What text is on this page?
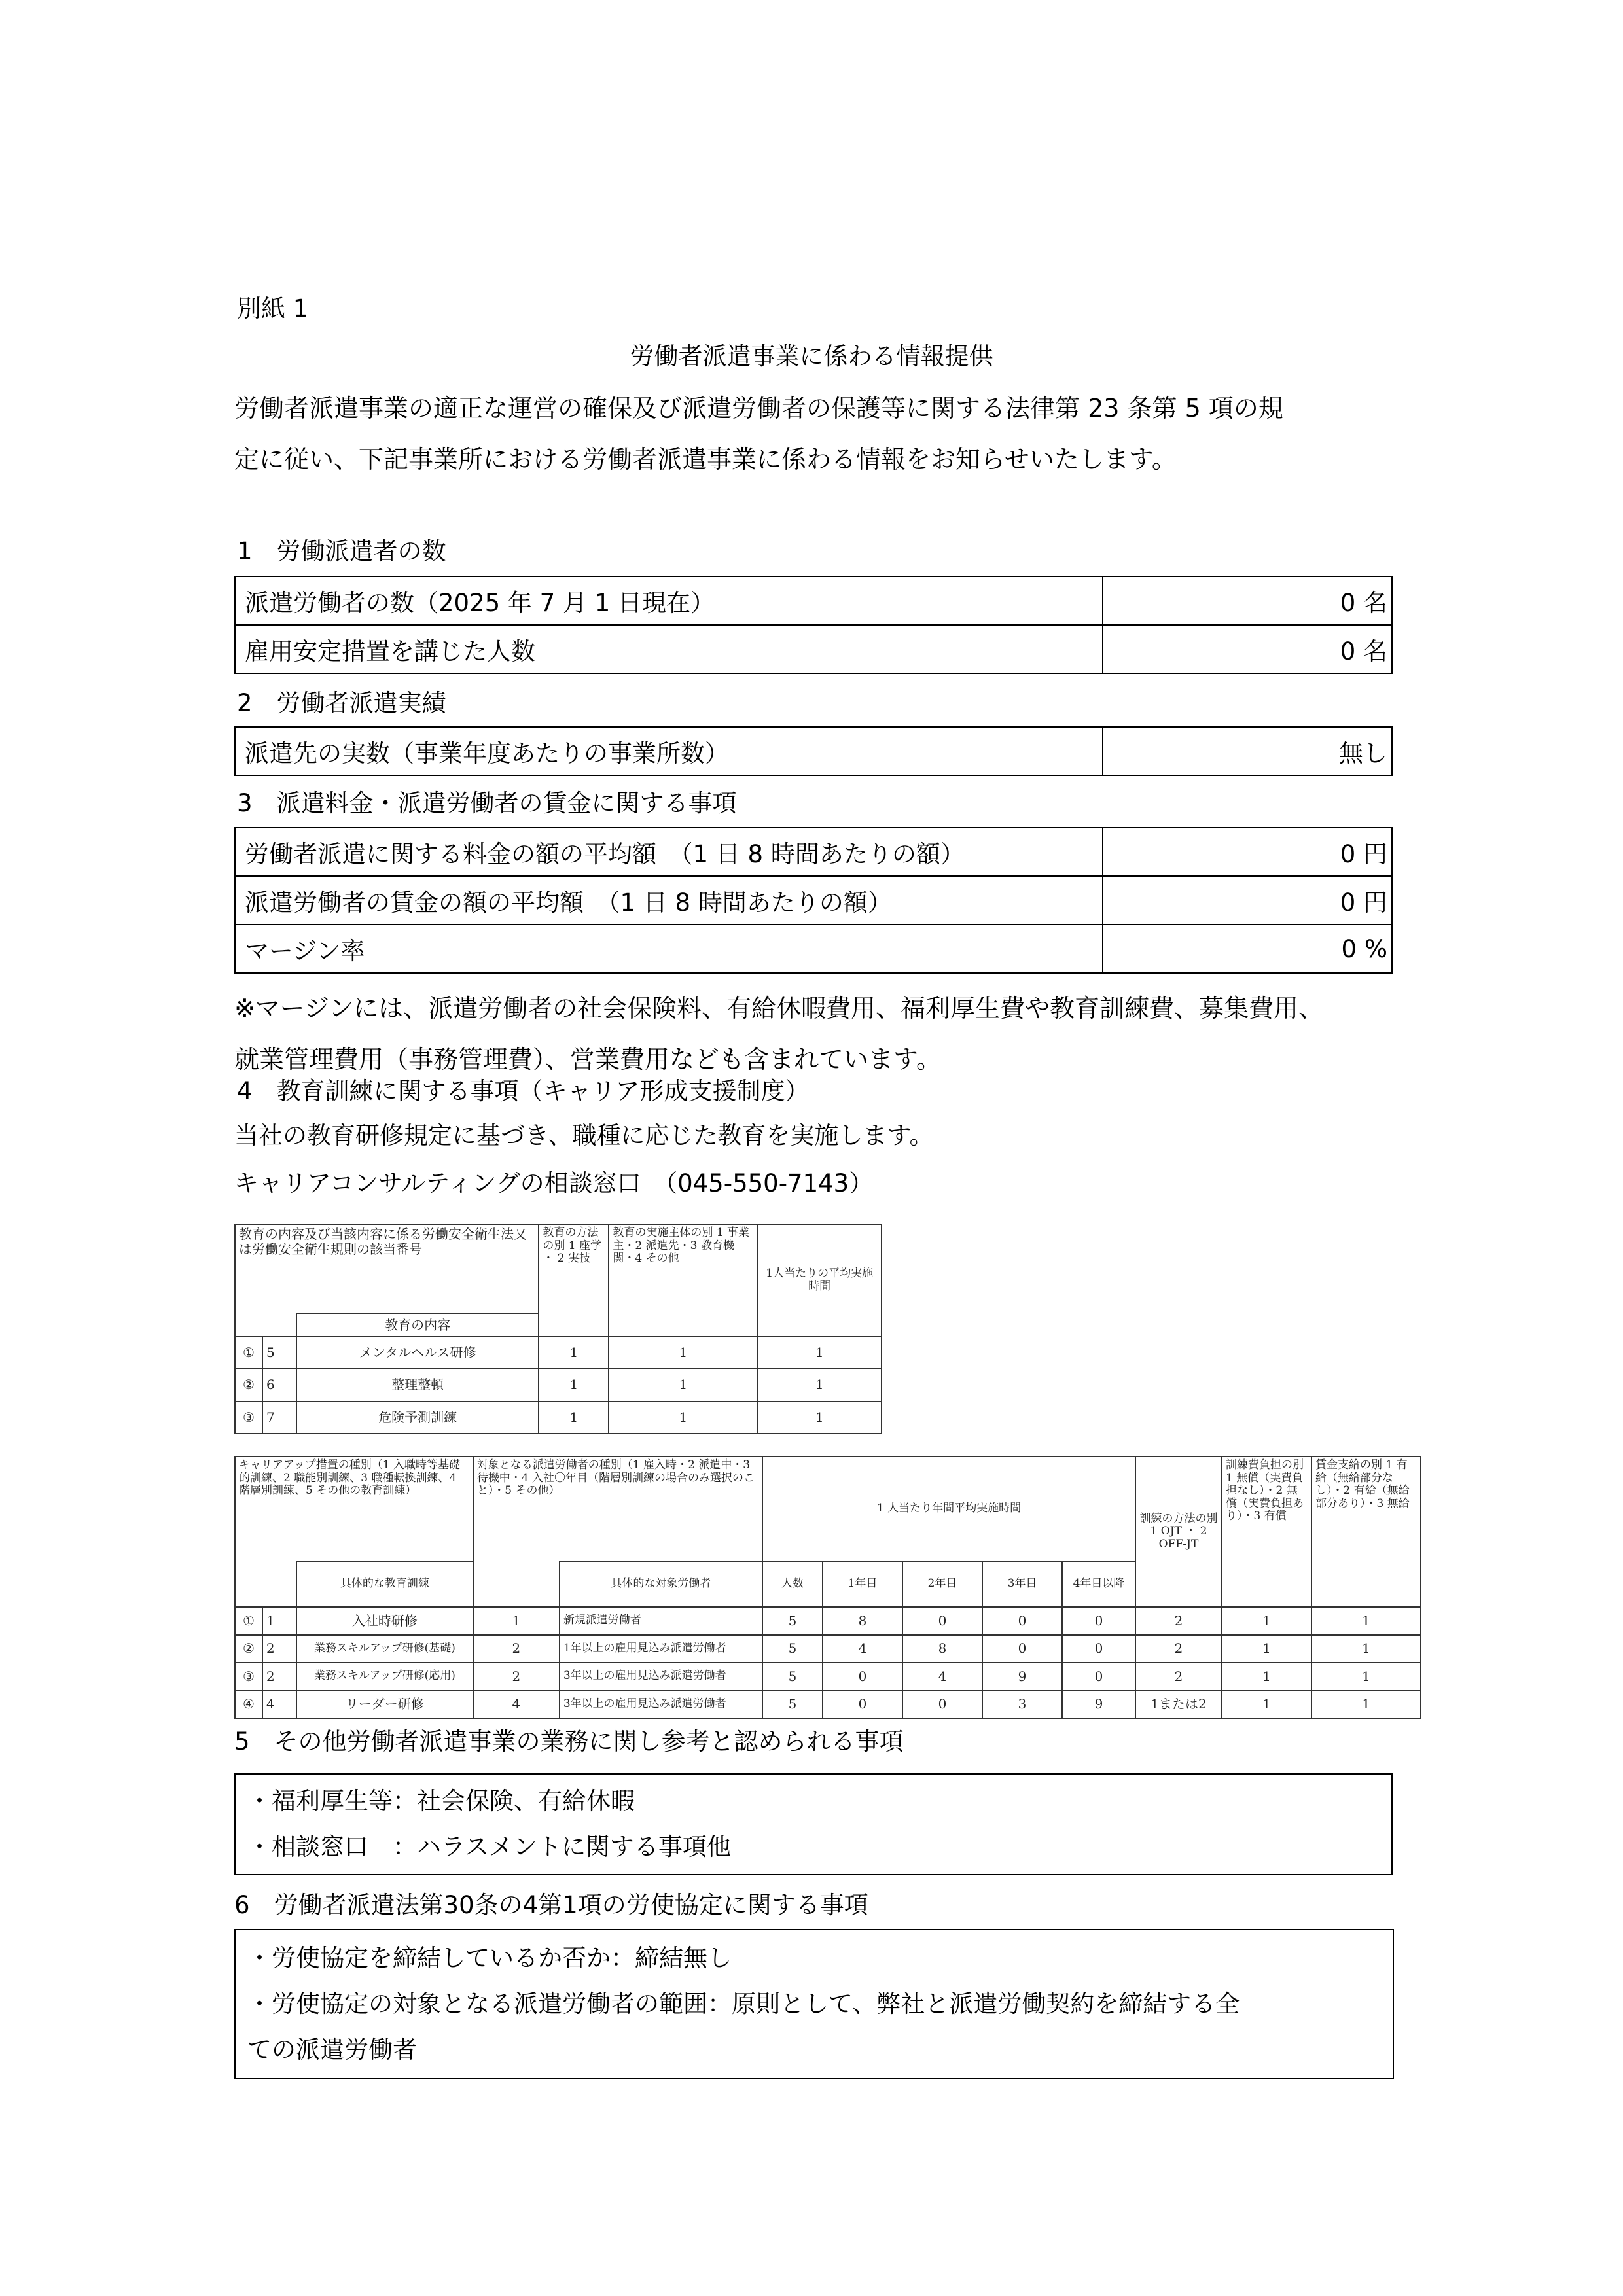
別紙 1
労働者派遣事業に係わる情報提供
労働者派遣事業の適正な運営の確保及び派遣労働者の保護等に関する法律第 23 条第 5 項の規
定に従い、下記事業所における労働者派遣事業に係わる情報をお知らせいたします。
1　労働派遣者の数
派遣労働者の数（2025 年 7 月 1 日現在）	0 名
雇用安定措置を講じた人数	0 名
2　労働者派遣実績
派遣先の実数（事業年度あたりの事業所数）	無し
3　派遣料金・派遣労働者の賃金に関する事項
労働者派遣に関する料金の額の平均額　（1 日 8 時間あたりの額）	0 円
派遣労働者の賃金の額の平均額　（1 日 8 時間あたりの額）	0 円
マージン率	0 %
※マージンには、派遣労働者の社会保険料、有給休暇費用、福利厚生費や教育訓練費、募集費用、
就業管理費用（事務管理費）、営業費用なども含まれています。
4　教育訓練に関する事項（キャリア形成支援制度）
当社の教育研修規定に基づき、職種に応じた教育を実施します。
キャリアコンサルティングの相談窓口　（045-550-7143）
教育の内容及び当該内容に係る労働安全衛生法又は労働安全衛生規則の該当番号			教育の方法の別 1 座学 ・ 2 実技	教育の実施主体の別 1 事業主・2 派遣先・3 教育機関・4 その他	1人当たりの平均実施時間
		教育の内容			
①	5	メンタルヘルス研修	1	1	1
②	6	整理整頓	1	1	1
③	7	危険予測訓練	1	1	1
キャリアアップ措置の種別（1 入職時等基礎的訓練、2 職能別訓練、3 職種転換訓練、4 階層別訓練、5 その他の教育訓練）			対象となる派遣労働者の種別（1 雇入時・2 派遣中・3 待機中・4 入社〇年目（階層別訓練の場合のみ選択のこと）・5 その他）		1 人当たり年間平均実施時間					訓練の方法の別 1 OJT ・ 2 OFF-JT	訓練費負担の別 1 無償（実費負担なし）・2 無償（実費負担あり）・3 有償	賃金支給の別 1 有給（無給部分なし）・2 有給（無給部分あり）・3 無給
		具体的な教育訓練		具体的な対象労働者	人数	1年目	2年目	3年目	4年目以降			
①	1	入社時研修	1	新規派遣労働者	5	8	0	0	0	2	1	1
②	2	業務スキルアップ研修(基礎)	2	1年以上の雇用見込み派遣労働者	5	4	8	0	0	2	1	1
③	2	業務スキルアップ研修(応用)	2	3年以上の雇用見込み派遣労働者	5	0	4	9	0	2	1	1
④	4	リーダー研修	4	3年以上の雇用見込み派遣労働者	5	0	0	3	9	1または2	1	1
5　その他労働者派遣事業の業務に関し参考と認められる事項
・福利厚生等：社会保険、有給休暇
・相談窓口　：ハラスメントに関する事項他
6　労働者派遣法第30条の4第1項の労使協定に関する事項
・労使協定を締結しているか否か：締結無し
・労使協定の対象となる派遣労働者の範囲：原則として、弊社と派遣労働契約を締結する全
ての派遣労働者
